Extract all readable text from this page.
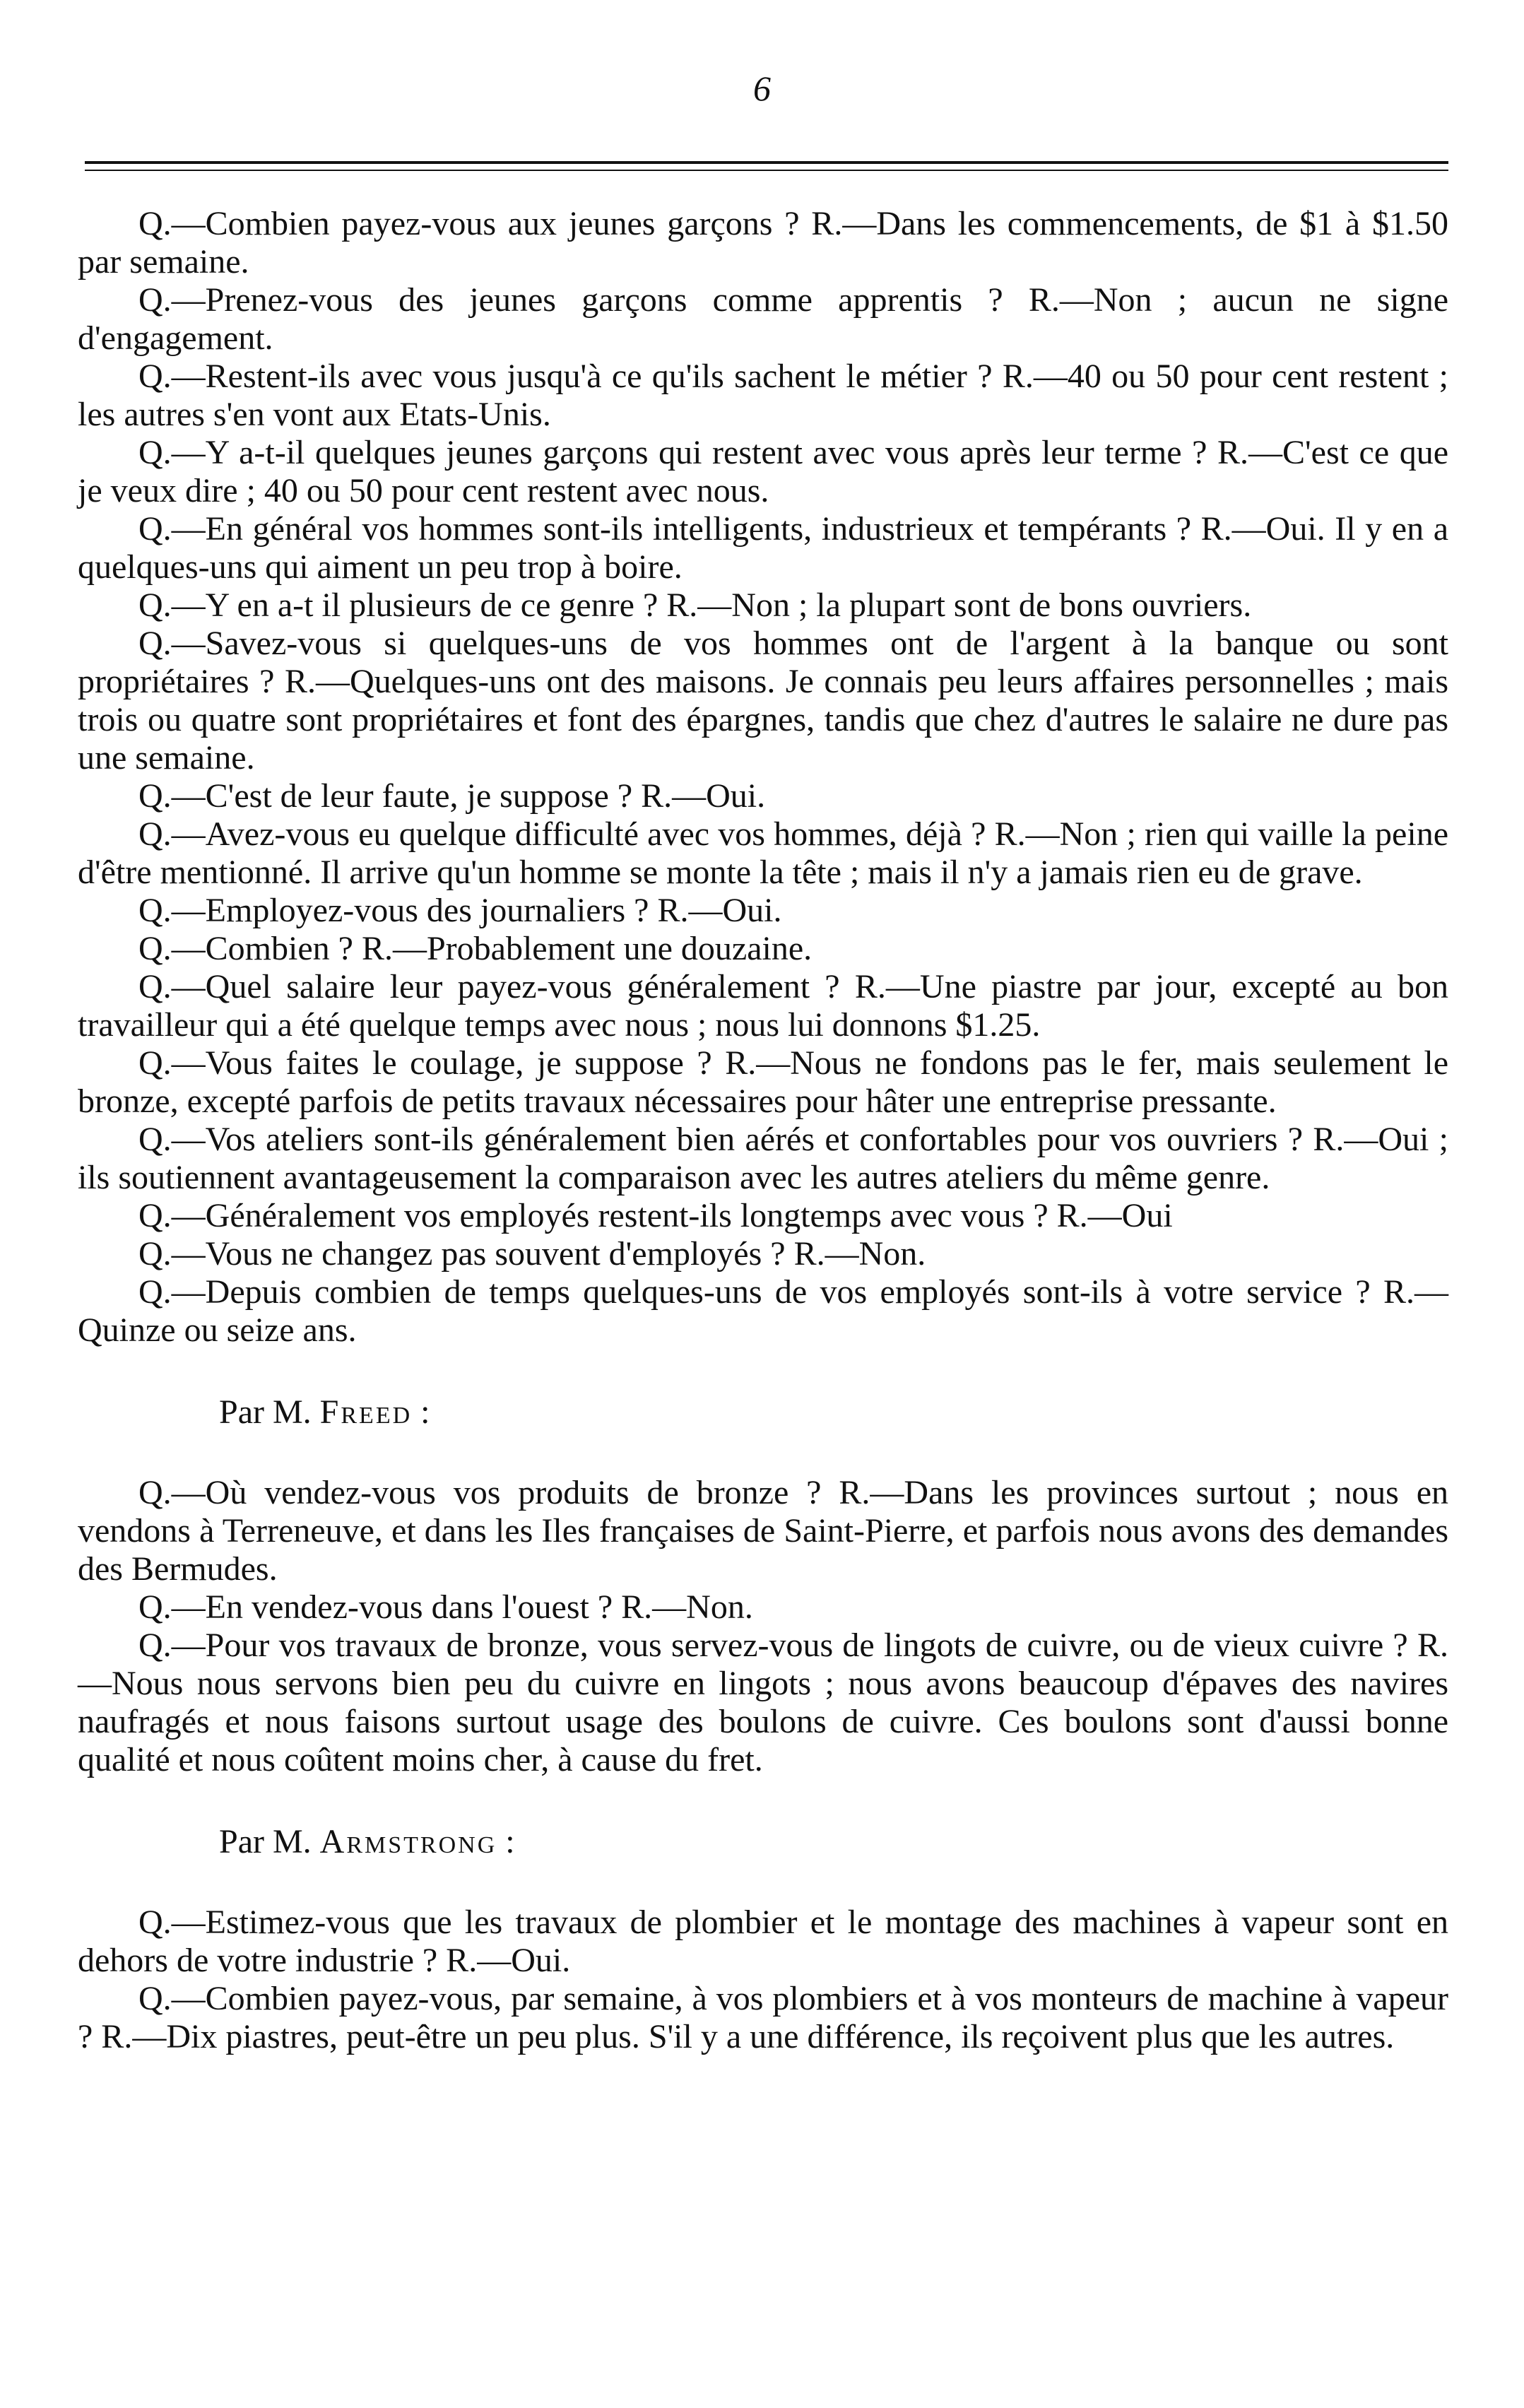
6

Q.—Combien payez-vous aux jeunes garçons ? R.—Dans les commencements, de $1 à $1.50 par semaine.

Q.—Prenez-vous des jeunes garçons comme apprentis ? R.—Non ; aucun ne signe d'engagement.

Q.—Restent-ils avec vous jusqu'à ce qu'ils sachent le métier ? R.—40 ou 50 pour cent restent ; les autres s'en vont aux Etats-Unis.

Q.—Y a-t-il quelques jeunes garçons qui restent avec vous après leur terme ? R.—C'est ce que je veux dire ; 40 ou 50 pour cent restent avec nous.

Q.—En général vos hommes sont-ils intelligents, industrieux et tempérants ? R.—Oui. Il y en a quelques-uns qui aiment un peu trop à boire.

Q.—Y en a-t il plusieurs de ce genre ? R.—Non ; la plupart sont de bons ouvriers.

Q.—Savez-vous si quelques-uns de vos hommes ont de l'argent à la banque ou sont propriétaires ? R.—Quelques-uns ont des maisons. Je connais peu leurs affaires personnelles ; mais trois ou quatre sont propriétaires et font des épargnes, tandis que chez d'autres le salaire ne dure pas une semaine.

Q.—C'est de leur faute, je suppose ? R.—Oui.

Q.—Avez-vous eu quelque difficulté avec vos hommes, déjà ? R.—Non ; rien qui vaille la peine d'être mentionné. Il arrive qu'un homme se monte la tête ; mais il n'y a jamais rien eu de grave.

Q.—Employez-vous des journaliers ? R.—Oui.

Q.—Combien ? R.—Probablement une douzaine.

Q.—Quel salaire leur payez-vous généralement ? R.—Une piastre par jour, excepté au bon travailleur qui a été quelque temps avec nous ; nous lui donnons $1.25.

Q.—Vous faites le coulage, je suppose ? R.—Nous ne fondons pas le fer, mais seulement le bronze, excepté parfois de petits travaux nécessaires pour hâter une entreprise pressante.

Q.—Vos ateliers sont-ils généralement bien aérés et confortables pour vos ouvriers ? R.—Oui ; ils soutiennent avantageusement la comparaison avec les autres ateliers du même genre.

Q.—Généralement vos employés restent-ils longtemps avec vous ? R.—Oui

Q.—Vous ne changez pas souvent d'employés ? R.—Non.

Q.—Depuis combien de temps quelques-uns de vos employés sont-ils à votre service ? R.—Quinze ou seize ans.

Par M. Freed :

Q.—Où vendez-vous vos produits de bronze ? R.—Dans les provinces surtout ; nous en vendons à Terreneuve, et dans les Iles françaises de Saint-Pierre, et parfois nous avons des demandes des Bermudes.

Q.—En vendez-vous dans l'ouest ? R.—Non.

Q.—Pour vos travaux de bronze, vous servez-vous de lingots de cuivre, ou de vieux cuivre ? R.—Nous nous servons bien peu du cuivre en lingots ; nous avons beaucoup d'épaves des navires naufragés et nous faisons surtout usage des boulons de cuivre. Ces boulons sont d'aussi bonne qualité et nous coûtent moins cher, à cause du fret.

Par M. Armstrong :

Q.—Estimez-vous que les travaux de plombier et le montage des machines à vapeur sont en dehors de votre industrie ? R.—Oui.

Q.—Combien payez-vous, par semaine, à vos plombiers et à vos monteurs de machine à vapeur ? R.—Dix piastres, peut-être un peu plus. S'il y a une différence, ils reçoivent plus que les autres.
